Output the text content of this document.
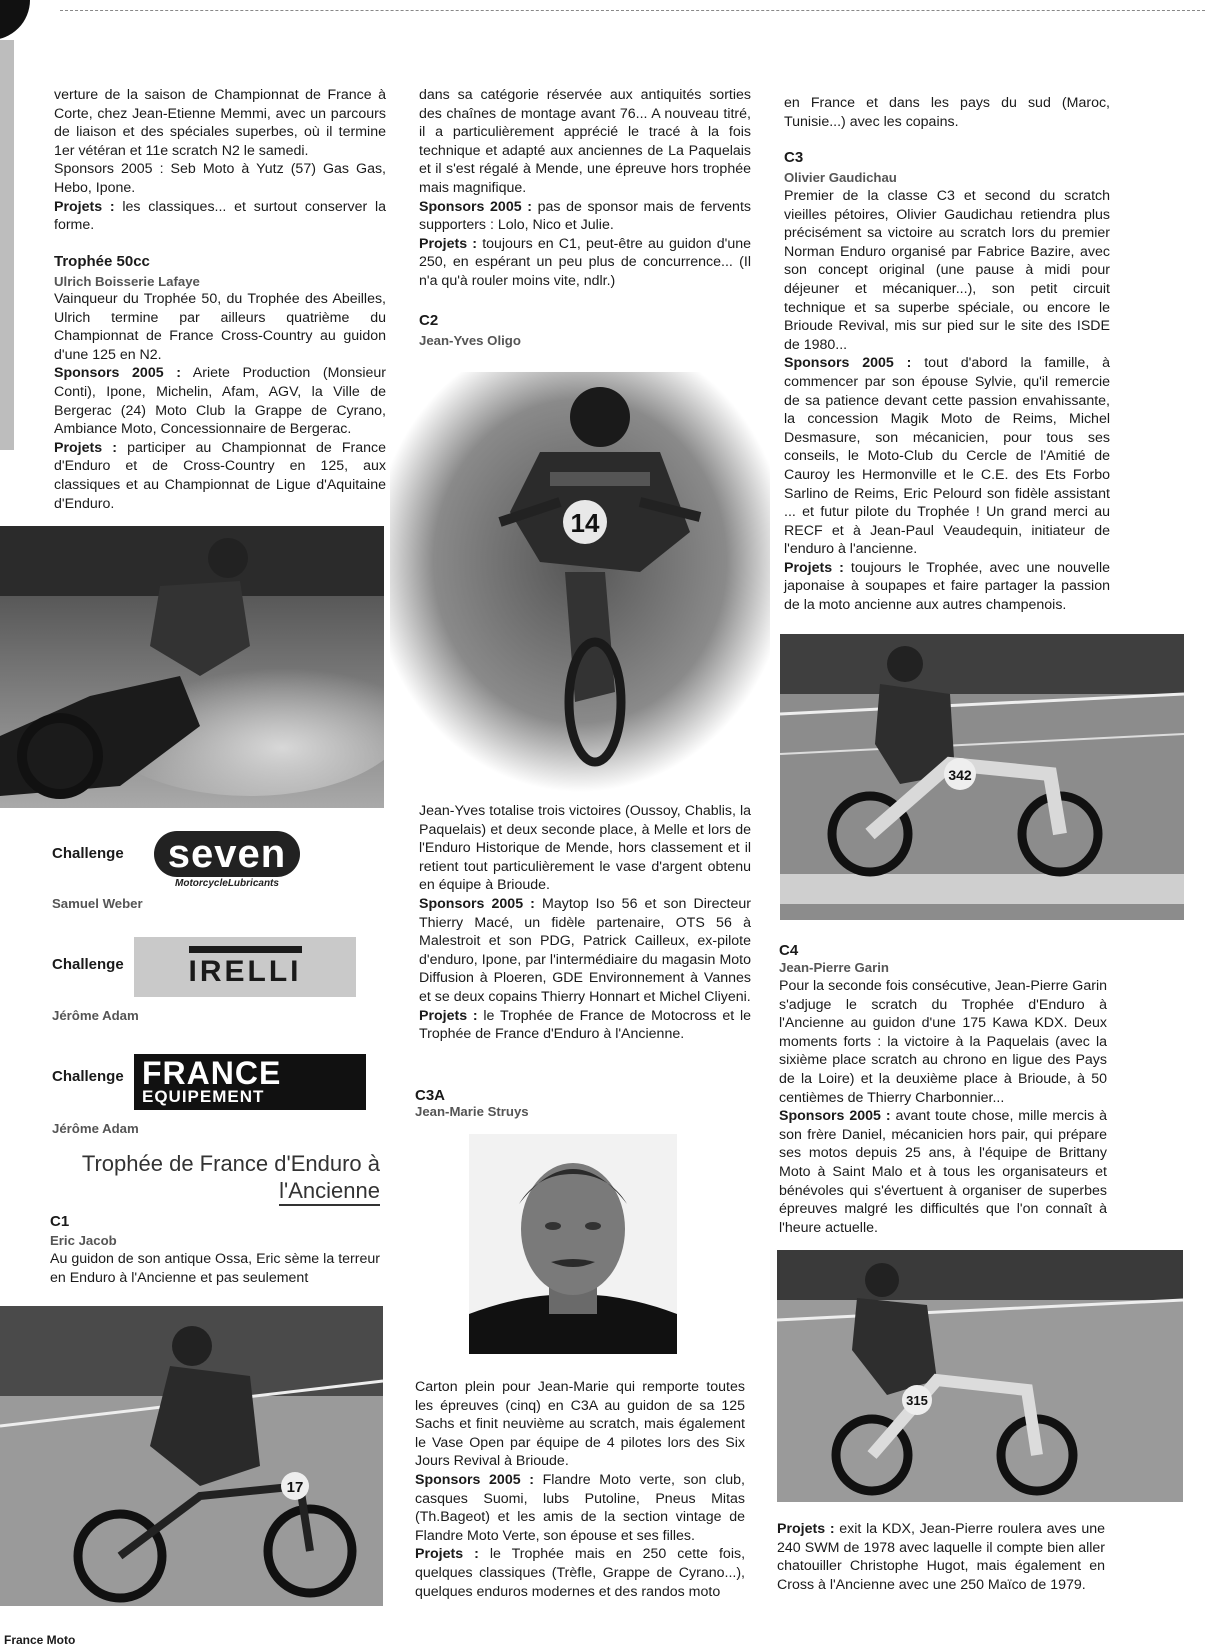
verture de la saison de Championnat de France à Corte, chez Jean-Etienne Memmi, avec un parcours de liaison et des spéciales superbes, où il termine 1er vétéran et 11e scratch N2 le samedi.

Sponsors 2005 : Seb Moto à Yutz (57) Gas Gas, Hebo, Ipone.

Projets : les classiques... et surtout conserver la forme.

Trophée 50cc
Ulrich Boisserie Lafaye

Vainqueur du Trophée 50, du Trophée des Abeilles, Ulrich termine par ailleurs quatrième du Championnat de France Cross-Country au guidon d'une 125 en N2.

Sponsors 2005 : Ariete Production (Monsieur Conti), Ipone, Michelin, Afam, AGV, la Ville de Bergerac (24) Moto Club la Grappe de Cyrano, Ambiance Moto, Concessionnaire de Bergerac.

Projets : participer au Championnat de France d'Enduro et de Cross-Country en 125, aux classiques et au Championnat de Ligue d'Aquitaine d'Enduro.

Challenge	seven
MotorcycleLubricants
Samuel Weber
Challenge IRELLI
Jérôme Adam
Challenge FRANCE
EQUIPEMENT
Jérôme Adam
Trophée de France d'Enduro à
l'Ancienne
C1
Eric Jacob
Au guidon de son antique Ossa, Eric sème la terreur en Enduro à l'Ancienne et pas seulement
17

dans sa catégorie réservée aux antiquités sorties des chaînes de montage avant 76... A nouveau titré, il a particulièrement apprécié le tracé à la fois technique et adapté aux anciennes de La Paquelais et il s'est régalé à Mende, une épreuve hors trophée mais magnifique.

Sponsors 2005 : pas de sponsor mais de fervents supporters : Lolo, Nico et Julie.

Projets : toujours en C1, peut-être au guidon d'une 250, en espérant un peu plus de concurrence... (Il n'a qu'à rouler moins vite, ndlr.)

C2
Jean-Yves Oligo
14

Jean-Yves totalise trois victoires (Oussoy, Chablis, la Paquelais) et deux seconde place, à Melle et lors de l'Enduro Historique de Mende, hors classement et il retient tout particulièrement le vase d'argent obtenu en équipe à Brioude.

Sponsors 2005 : Maytop Iso 56 et son Directeur Thierry Macé, un fidèle partenaire, OTS 56 à Malestroit et son PDG, Patrick Cailleux, ex-pilote d'enduro, Ipone, par l'intermédiaire du magasin Moto Diffusion à Ploeren, GDE Environnement à Vannes et se deux copains Thierry Honnart et Michel Cliyeni.

Projets : le Trophée de France de Motocross et le Trophée de France d'Enduro à l'Ancienne.

C3A
Jean-Marie Struys

Carton plein pour Jean-Marie qui remporte toutes les épreuves (cinq) en C3A au guidon de sa 125 Sachs et finit neuvième au scratch, mais également le Vase Open par équipe de 4 pilotes lors des Six Jours Revival à Brioude.

Sponsors 2005 : Flandre Moto verte, son club, casques Suomi, lubs Putoline, Pneus Mitas (Th.Bageot) et les amis de la section vintage de Flandre Moto Verte, son épouse et ses filles.

Projets : le Trophée mais en 250 cette fois, quelques classiques (Trèfle, Grappe de Cyrano...), quelques enduros modernes et des randos moto

en France et dans les pays du sud (Maroc, Tunisie...) avec les copains.
C3
Olivier Gaudichau

Premier de la classe C3 et second du scratch vieilles pétoires, Olivier Gaudichau retiendra plus précisément sa victoire au scratch lors du premier Norman Enduro organisé par Fabrice Bazire, avec son concept original (une pause à midi pour déjeuner et mécaniquer...), son petit circuit technique et sa superbe spéciale, ou encore le Brioude Revival, mis sur pied sur le site des ISDE de 1980...

Sponsors 2005 : tout d'abord la famille, à commencer par son épouse Sylvie, qu'il remercie de sa patience devant cette passion envahissante, la concession Magik Moto de Reims, Michel Desmasure, son mécanicien, pour tous ses conseils, le Moto-Club du Cercle de l'Amitié de Cauroy les Hermonville et le C.E. des Ets Forbo Sarlino de Reims, Eric Pelourd son fidèle assistant ... et futur pilote du Trophée ! Un grand merci au RECF et à Jean-Paul Veaudequin, initiateur de l'enduro à l'ancienne.

Projets : toujours le Trophée, avec une nouvelle japonaise à soupapes et faire partager la passion de la moto ancienne aux autres champenois.

342
C4
Jean-Pierre Garin

Pour la seconde fois consécutive, Jean-Pierre Garin s'adjuge le scratch du Trophée d'Enduro à l'Ancienne au guidon d'une 175 Kawa KDX. Deux moments forts : la victoire à la Paquelais (avec la sixième place scratch au chrono en ligue des Pays de la Loire) et la deuxième place à Brioude, à 50 centièmes de Thierry Charbonnier...

Sponsors 2005 : avant toute chose, mille mercis à son frère Daniel, mécanicien hors pair, qui prépare ses motos depuis 25 ans, à l'équipe de Brittany Moto à Saint Malo et à tous les organisateurs et bénévoles qui s'évertuent à organiser de superbes épreuves malgré les difficultés que l'on connaît à l'heure actuelle.

315

Projets : exit la KDX, Jean-Pierre roulera aves une 240 SWM de 1978 avec laquelle il compte bien aller chatouiller Christophe Hugot, mais également en Cross à l'Ancienne avec une 250 Maïco de 1979.

France Moto
